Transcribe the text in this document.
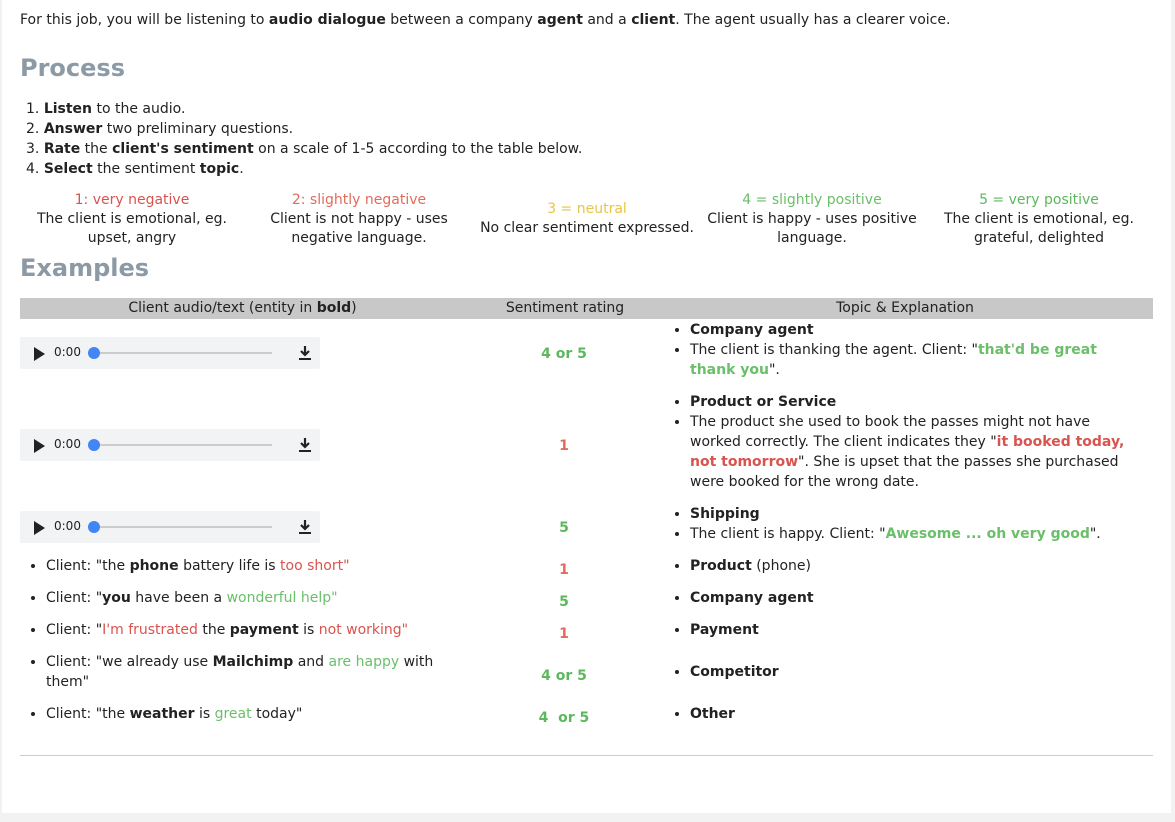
For this job, you will be listening to audio dialogue between a company agent and a client. The agent usually has a clearer voice.
Process
1. Listen to the audio.
2. Answer two preliminary questions.
3. Rate the client's sentiment on a scale of 1-5 according to the table below.
4. Select the sentiment topic.
1: very negative
The client is emotional, eg. upset, angry
2: slightly negative
Client is not happy - uses negative language.
3 = neutral
No clear sentiment expressed.
4 = slightly positive
Client is happy - uses positive language.
5 = very positive
The client is emotional, eg. grateful, delighted
Examples
Client audio/text (entity in bold)	Sentiment rating	Topic & Explanation
0:00	4 or 5
• Company agent
• The client is thanking the agent. Client: "that'd be great thank you".
0:00	1
• Product or Service
• The product she used to book the passes might not have worked correctly. The client indicates they "it booked today, not tomorrow". She is upset that the passes she purchased were booked for the wrong date.
0:00	5
• Shipping
• The client is happy. Client: "Awesome ... oh very good".
• Client: "the phone battery life is too short"	1	• Product (phone)
• Client: "you have been a wonderful help"	5	• Company agent
• Client: "I'm frustrated the payment is not working"	1	• Payment
• Client: "we already use Mailchimp and are happy with them"	4 or 5	• Competitor
• Client: "the weather is great today"	4  or 5	• Other
